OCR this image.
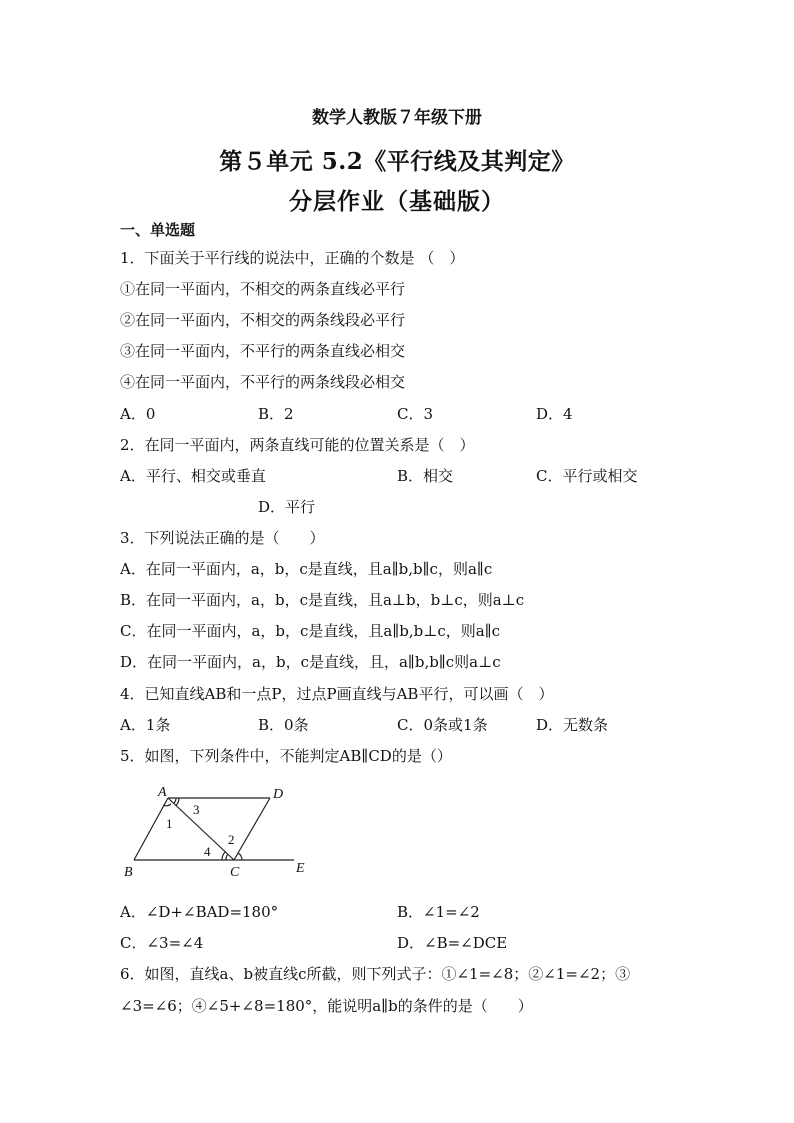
数学人教版７年级下册
第５单元 5.2《平行线及其判定》
分层作业（基础版）
一、单选题
1．下面关于平行线的说法中，正确的个数是 （　）
①在同一平面内，不相交的两条直线必平行
②在同一平面内，不相交的两条线段必平行
③在同一平面内，不平行的两条直线必相交
④在同一平面内，不平行的两条线段必相交
A．0	B．2	C．3	D．4
2．在同一平面内，两条直线可能的位置关系是（　）
A．平行、相交或垂直	B．相交	C．平行或相交
D．平行
3．下列说法正确的是（　　）
A．在同一平面内，a，b，c是直线，且a∥b,b∥c，则a∥c
B．在同一平面内，a，b，c是直线，且a⊥b，b⊥c，则a⊥c
C．在同一平面内，a，b，c是直线，且a∥b,b⊥c，则a∥c
D．在同一平面内，a，b，c是直线，且，a∥b,b∥c则a⊥c
4．已知直线AB和一点P，过点P画直线与AB平行，可以画（　）
A．1条	B．0条	C．0条或1条	D．无数条
5．如图，下列条件中，不能判定AB∥CD的是（）
A	D
B	C	E
1
3
2
4
A．∠D+∠BAD=180°	B．∠1=∠2
C．∠3=∠4	D．∠B=∠DCE
6．如图，直线a、b被直线c所截，则下列式子：①∠1=∠8；②∠1=∠2；③
∠3=∠6；④∠5+∠8=180°，能说明a∥b的条件的是（　　）
